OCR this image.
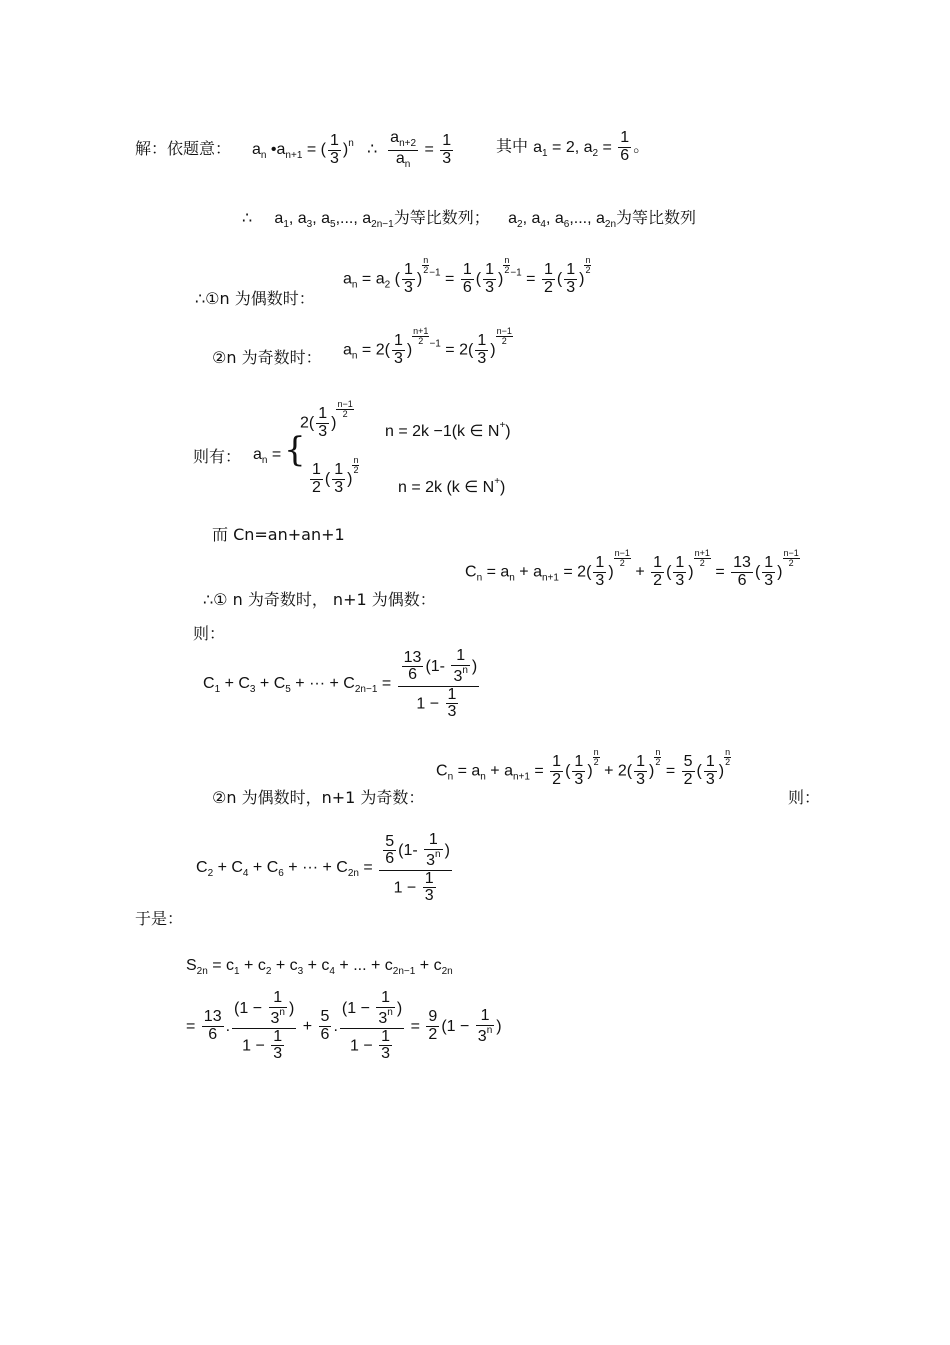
解：依题意： $a_n$ $•a_{n+1}$ = ( $\frac{1}{3} )^n$ ∴ $\frac{a_{n+2}}{a_n} = \frac{1}{3}$	其中 $a_1 = 2$, $a_2 = \frac{1}{6}$ 。
∴     $a_1$, $a_3$, $a_5$,..., $a_{2n-1}$为等比数列；    $a_2$, $a_4$, $a_6$,..., $a_{2n}$为等比数列
∴①n 为偶数时：
$a_n = a_2$ ( $\frac{1}{3}$ )
$\frac{n}{2} ^{-1} = \frac{1}{6}$ ( $\frac{1}{3}$ )
$\frac{n}{2} ^{-1} = \frac{1}{2}$ ( $\frac{1}{3}$ )
$\frac{n}{2}$
②n 为奇数时： $a_n = 2( \frac{1}{3}$ )
$\frac{n+1}{2} ^{-1} = 2( \frac{1}{3}$ )
$\frac{n-1}{2}$
则有： $a_n$ = {
$2( \frac{1}{3}$ )
$\frac{n-1}{2}$
n = 2k −1(k ∈ N+)
$\frac{1}{2}$ ( $\frac{1}{3}$ )
$\frac{n}{2}$
n = 2k (k ∈ N+)
而 Cn=an+an+1
∴① n 为奇数时， n+1 为偶数：
$C_n = a_n + a_{n+1} = 2( \frac{1}{3}$ )
$\frac{n-1}{2}$
+ $\frac{1}{2}$ ( $\frac{1}{3}$ )
$\frac{n+1}{2}$
= $\frac{13}{6}$ ( $\frac{1}{3}$ )
$\frac{n-1}{2}$
则：
$C_1 + C_3 + C_5$ + ··· + $C_{2n-1} = \frac{\frac{13}{6} (1- \frac{1}{3^n} )}{1 - \frac{1}{3}}$
②n 为偶数时，n+1 为奇数：
$C_n = a_n + a_{n+1} = \frac{1}{2}$ ( $\frac{1}{3}$ )
$\frac{n}{2}$
+ $2( \frac{1}{3}$ )
$\frac{n}{2}$
= $\frac{5}{2}$ ( $\frac{1}{3}$ )
$\frac{n}{2}$
则：
$C_2 + C_4 + C_6$ + ··· + $C_{2n} = \frac{\frac{5}{6} (1- \frac{1}{3^n} )}{1 - \frac{1}{3}}$
于是：
$S_{2n} = c_1 + c_2 + c_3 + c_4$ + ... + $c_{2n-1} + c_{2n}$
= $\frac{13}{6}$ . $\frac{(1 - \frac{1}{3^n} )}{1 - \frac{1}{3}} + \frac{5}{6}$ . $\frac{(1 - \frac{1}{3^n} )}{1 - \frac{1}{3}} = \frac{9}{2} (1 - \frac{1}{3^n}$ )
